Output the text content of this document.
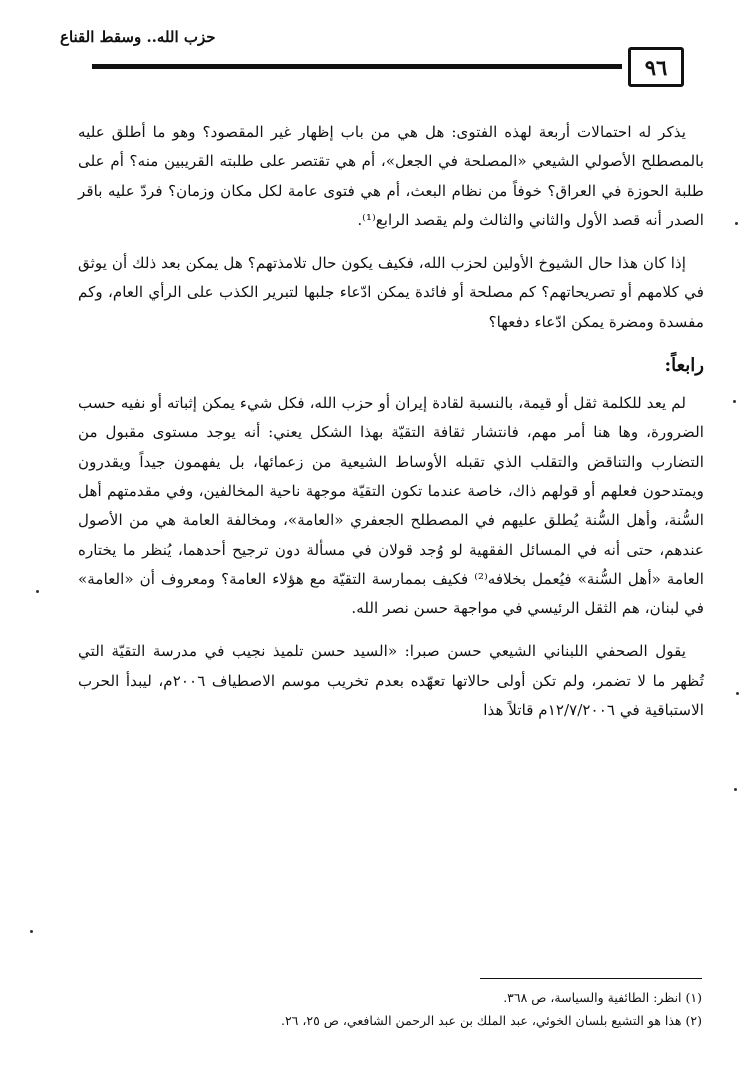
حزب الله.. وسقط القناع
٩٦

يذكر له احتمالات أربعة لهذه الفتوى: هل هي من باب إظهار غير المقصود؟ وهو ما أطلق عليه بالمصطلح الأصولي الشيعي «المصلحة في الجعل»، أم هي تقتصر على طلبته القريبين منه؟ أم على طلبة الحوزة في العراق؟ خوفاً من نظام البعث، أم هي فتوى عامة لكل مكان وزمان؟ فردّ عليه باقر الصدر أنه قصد الأول والثاني والثالث ولم يقصد الرابع⁽¹⁾.

إذا كان هذا حال الشيوخ الأولين لحزب الله، فكيف يكون حال تلامذتهم؟ هل يمكن بعد ذلك أن يوثق في كلامهم أو تصريحاتهم؟ كم مصلحة أو فائدة يمكن ادّعاء جلبها لتبرير الكذب على الرأي العام، وكم مفسدة ومضرة يمكن ادّعاء دفعها؟

رابعاً:

لم يعد للكلمة ثقل أو قيمة، بالنسبة لقادة إيران أو حزب الله، فكل شيء يمكن إثباته أو نفيه حسب الضرورة، وها هنا أمر مهم، فانتشار ثقافة التقيّة بهذا الشكل يعني: أنه يوجد مستوى مقبول من التضارب والتناقض والتقلب الذي تقبله الأوساط الشيعية من زعمائها، بل يفهمون جيداً ويقدرون ويمتدحون فعلهم أو قولهم ذاك، خاصة عندما تكون التقيّة موجهة ناحية المخالفين، وفي مقدمتهم أهل السُّنة، وأهل السُّنة يُطلق عليهم في المصطلح الجعفري «العامة»، ومخالفة العامة هي من الأصول عندهم، حتى أنه في المسائل الفقهية لو وُجد قولان في مسألة دون ترجيح أحدهما، يُنظر ما يختاره العامة «أهل السُّنة» فيُعمل بخلافه⁽²⁾ فكيف بممارسة التقيّة مع هؤلاء العامة؟ ومعروف أن «العامة» في لبنان، هم الثقل الرئيسي في مواجهة حسن نصر الله.

يقول الصحفي اللبناني الشيعي حسن صبرا: «السيد حسن تلميذ نجيب في مدرسة التقيّة التي تُظهر ما لا تضمر، ولم تكن أولى حالاتها تعهّده بعدم تخريب موسم الاصطياف ٢٠٠٦م، ليبدأ الحرب الاستباقية في ١٢/٧/٢٠٠٦م قاتلاً هذا

(١) انظر: الطائفية والسياسة، ص ٣٦٨.
(٢) هذا هو التشيع بلسان الخوئي، عبد الملك بن عبد الرحمن الشافعي، ص ٢٥، ٢٦.
